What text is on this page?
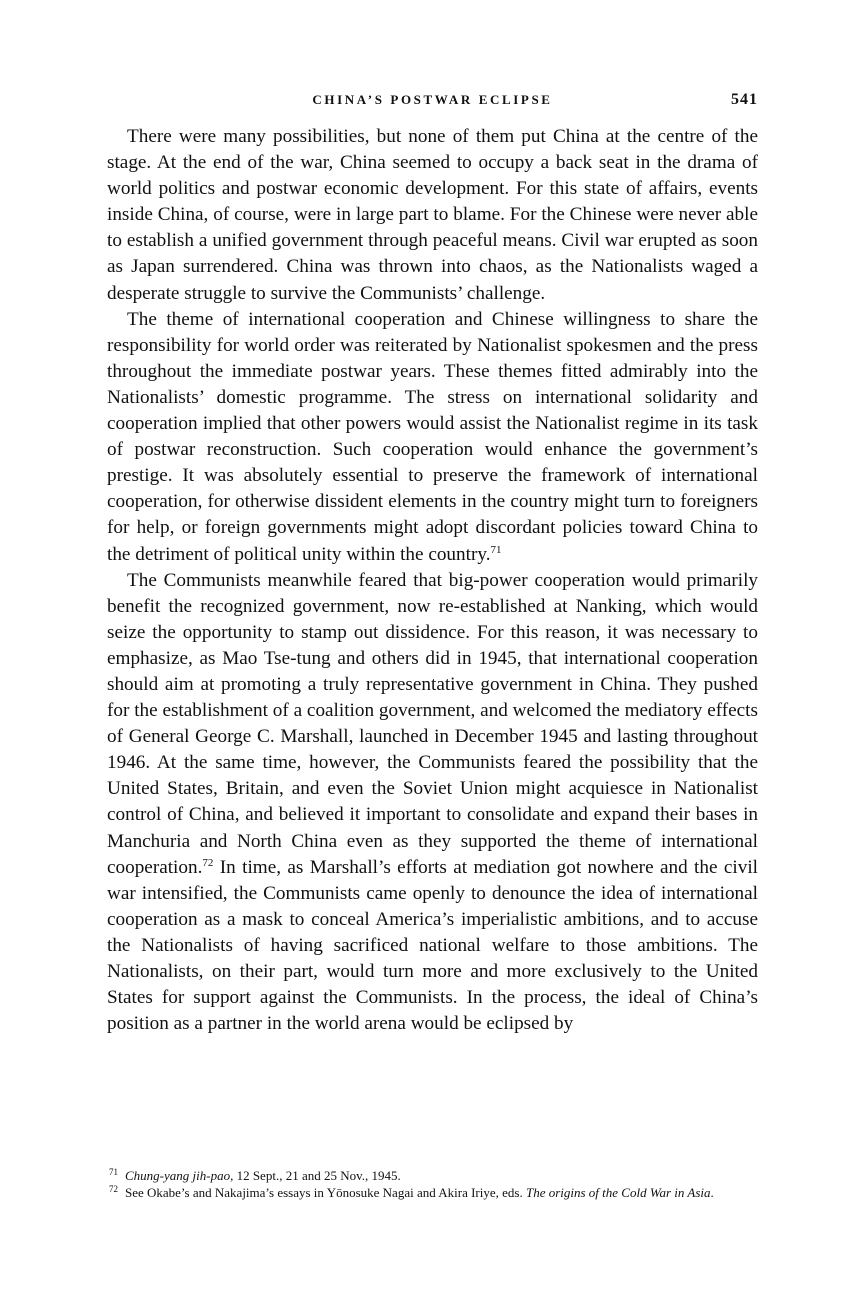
CHINA’S POSTWAR ECLIPSE	541

There were many possibilities, but none of them put China at the centre of the stage. At the end of the war, China seemed to occupy a back seat in the drama of world politics and postwar economic development. For this state of affairs, events inside China, of course, were in large part to blame. For the Chinese were never able to establish a unified government through peaceful means. Civil war erupted as soon as Japan surrendered. China was thrown into chaos, as the Nationalists waged a desperate struggle to survive the Communists’ challenge.

The theme of international cooperation and Chinese willingness to share the responsibility for world order was reiterated by Nationalist spokesmen and the press throughout the immediate postwar years. These themes fitted admirably into the Nationalists’ domestic programme. The stress on international solidarity and cooperation implied that other powers would assist the Nationalist regime in its task of postwar reconstruction. Such cooperation would enhance the government’s prestige. It was absolutely essential to preserve the framework of international cooperation, for otherwise dissident elements in the country might turn to foreigners for help, or foreign governments might adopt discordant policies toward China to the detriment of political unity within the country.$^{71}$

The Communists meanwhile feared that big-power cooperation would primarily benefit the recognized government, now re-established at Nanking, which would seize the opportunity to stamp out dissidence. For this reason, it was necessary to emphasize, as Mao Tse-tung and others did in 1945, that international cooperation should aim at promoting a truly representative government in China. They pushed for the establishment of a coalition government, and welcomed the mediatory effects of General George C. Marshall, launched in December 1945 and lasting throughout 1946. At the same time, however, the Communists feared the possibility that the United States, Britain, and even the Soviet Union might acquiesce in Nationalist control of China, and believed it important to consolidate and expand their bases in Manchuria and North China even as they supported the theme of international cooperation.$^{72}$ In time, as Marshall’s efforts at mediation got nowhere and the civil war intensified, the Communists came openly to denounce the idea of international cooperation as a mask to conceal America’s imperialistic ambitions, and to accuse the Nationalists of having sacrificed national welfare to those ambitions. The Nationalists, on their part, would turn more and more exclusively to the United States for support against the Communists. In the process, the ideal of China’s position as a partner in the world arena would be eclipsed by

71 Chung-yang jih-pao, 12 Sept., 21 and 25 Nov., 1945.
72 See Okabe’s and Nakajima’s essays in Yōnosuke Nagai and Akira Iriye, eds. The origins of the Cold War in Asia.
